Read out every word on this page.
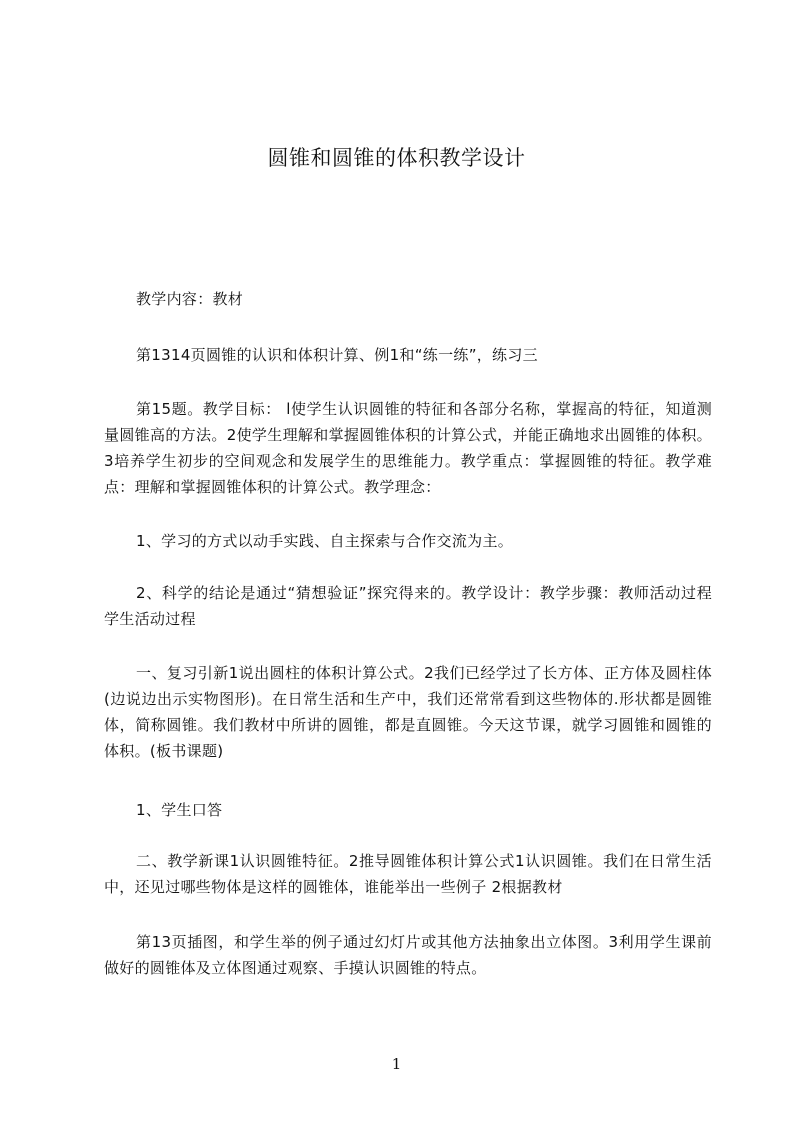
圆锥和圆锥的体积教学设计

教学内容：教材

第1314页圆锥的认识和体积计算、例1和“练一练”，练习三

第15题。教学目标： l使学生认识圆锥的特征和各部分名称，掌握高的特征，知道测量圆锥高的方法。2使学生理解和掌握圆锥体积的计算公式，并能正确地求出圆锥的体积。3培养学生初步的空间观念和发展学生的思维能力。教学重点：掌握圆锥的特征。教学难点：理解和掌握圆锥体积的计算公式。教学理念：

1、学习的方式以动手实践、自主探索与合作交流为主。

2、科学的结论是通过“猜想验证”探究得来的。教学设计：教学步骤：教师活动过程学生活动过程

一、复习引新1说出圆柱的体积计算公式。2我们已经学过了长方体、正方体及圆柱体(边说边出示实物图形)。在日常生活和生产中，我们还常常看到这些物体的.形状都是圆锥体，简称圆锥。我们教材中所讲的圆锥，都是直圆锥。今天这节课，就学习圆锥和圆锥的体积。(板书课题)

1、学生口答

二、教学新课1认识圆锥特征。2推导圆锥体积计算公式1认识圆锥。我们在日常生活中，还见过哪些物体是这样的圆锥体，谁能举出一些例子 2根据教材

第13页插图，和学生举的例子通过幻灯片或其他方法抽象出立体图。3利用学生课前做好的圆锥体及立体图通过观察、手摸认识圆锥的特点。

1
